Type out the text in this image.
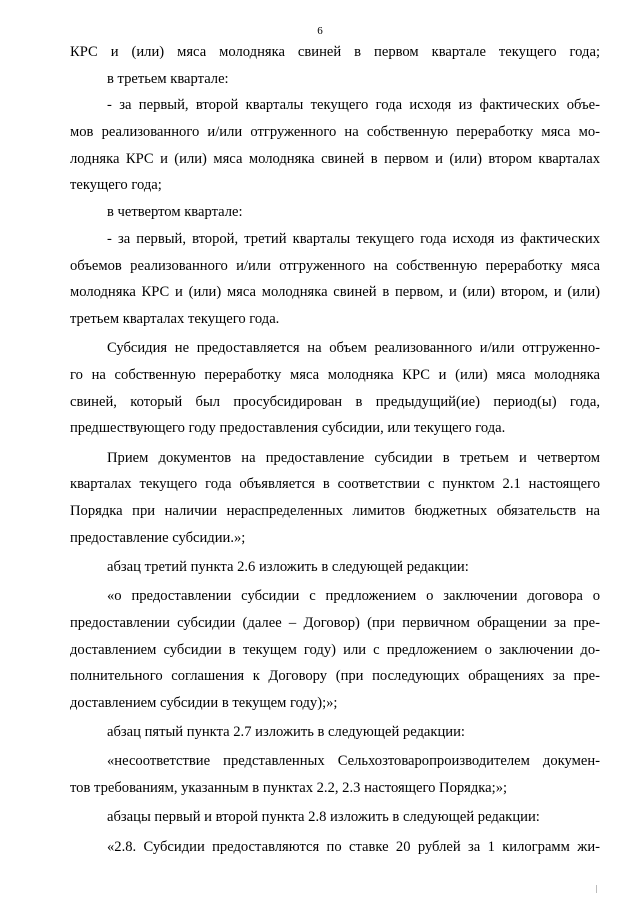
6
КРС и (или) мяса молодняка свиней в первом квартале текущего года;
в третьем квартале:
- за первый, второй кварталы текущего года исходя из фактических объе-
мов реализованного и/или отгруженного на собственную переработку мяса мо-
лодняка КРС и (или) мяса молодняка свиней в первом и (или) втором кварталах
текущего года;
в четвертом квартале:
- за первый, второй, третий кварталы текущего года исходя из фактических
объемов реализованного и/или отгруженного на собственную переработку мяса
молодняка КРС и (или) мяса молодняка свиней в первом, и (или) втором, и (или)
третьем кварталах текущего года.
Субсидия не предоставляется на объем реализованного и/или отгруженно-
го на собственную переработку мяса молодняка КРС и (или) мяса молодняка
свиней, который был просубсидирован в предыдущий(ие) период(ы) года,
предшествующего году предоставления субсидии, или текущего года.
Прием документов на предоставление субсидии в третьем и четвертом
кварталах текущего года объявляется в соответствии с пунктом 2.1 настоящего
Порядка при наличии нераспределенных лимитов бюджетных обязательств на
предоставление субсидии.»;
абзац третий пункта 2.6 изложить в следующей редакции:
«о предоставлении субсидии с предложением о заключении договора о
предоставлении субсидии (далее – Договор) (при первичном обращении за пре-
доставлением субсидии в текущем году) или с предложением о заключении до-
полнительного соглашения к Договору (при последующих обращениях за пре-
доставлением субсидии в текущем году);»;
абзац пятый пункта 2.7 изложить в следующей редакции:
«несоответствие представленных Сельхозтоваропроизводителем докумен-
тов требованиям, указанным в пунктах 2.2, 2.3 настоящего Порядка;»;
абзацы первый и второй пункта 2.8 изложить в следующей редакции:
«2.8. Субсидии предоставляются по ставке 20 рублей за 1 килограмм жи-
